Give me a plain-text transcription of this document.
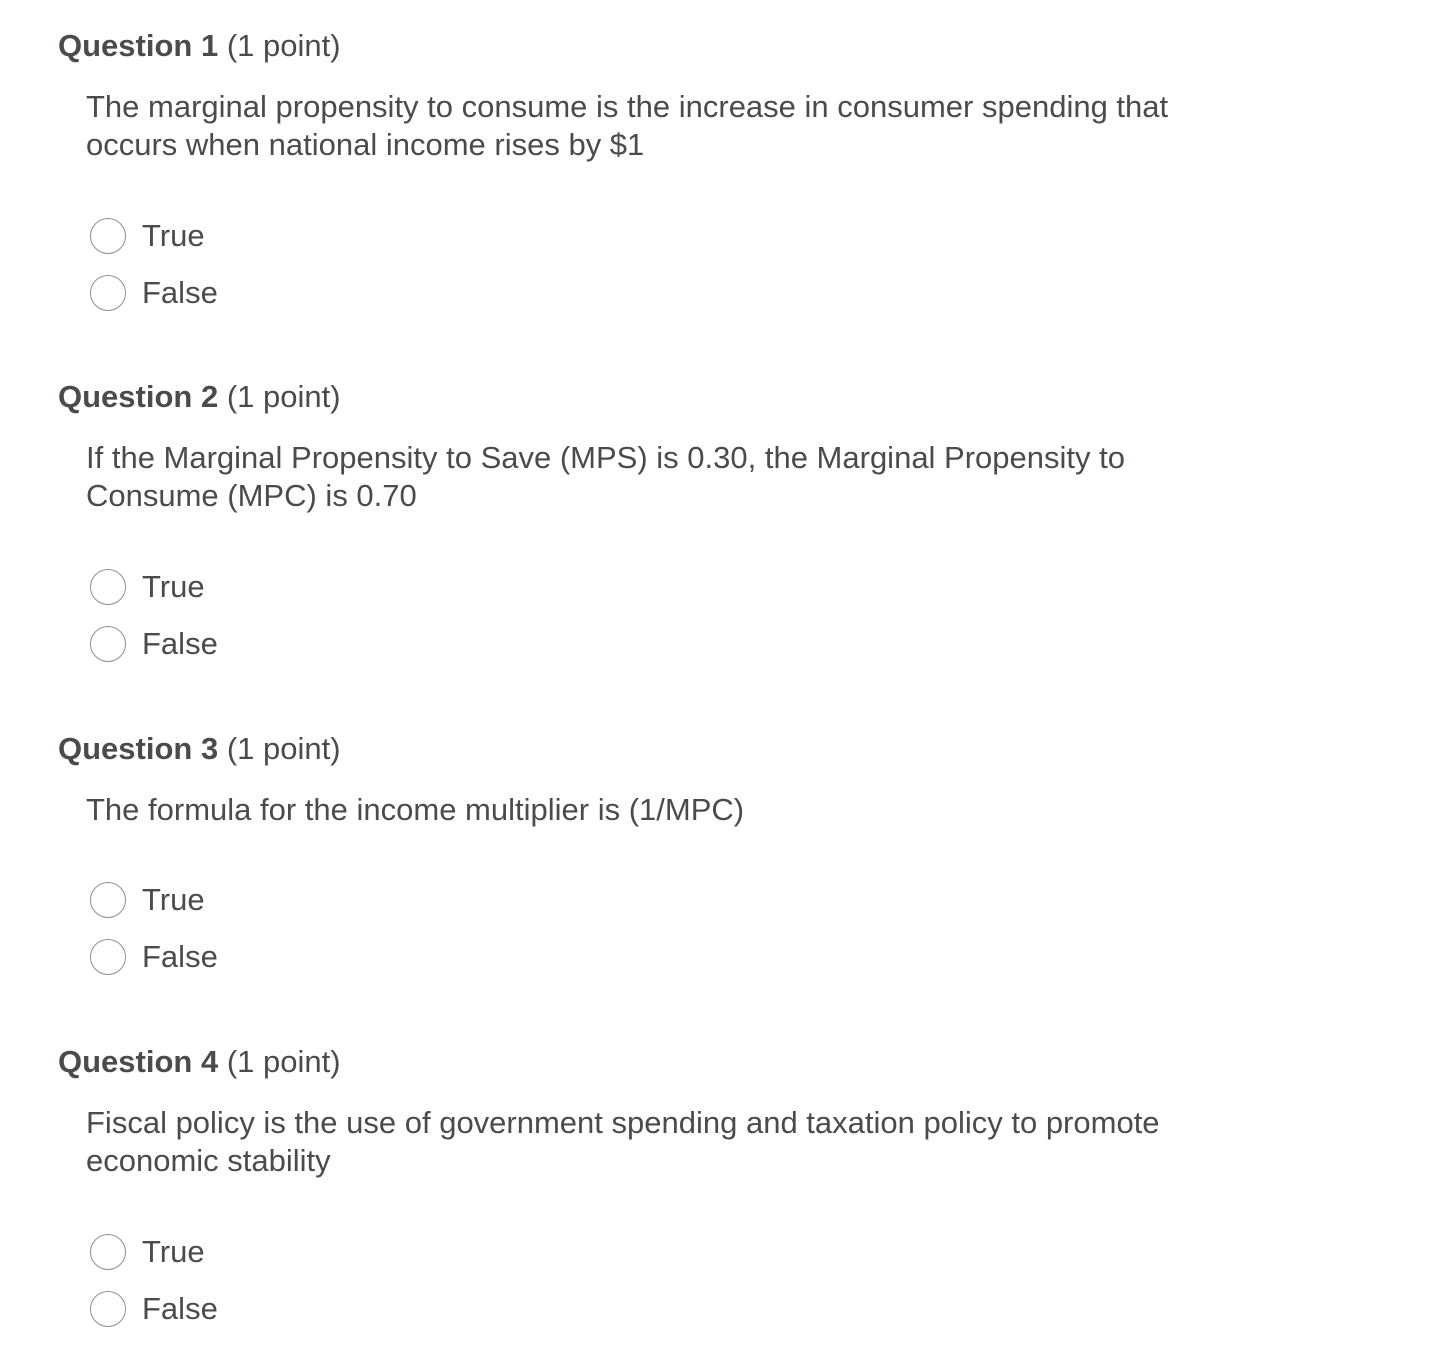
Question 1 (1 point)
The marginal propensity to consume is the increase in consumer spending that occurs when national income rises by $1
True
False
Question 2 (1 point)
If the Marginal Propensity to Save (MPS) is 0.30, the Marginal Propensity to Consume (MPC) is 0.70
True
False
Question 3 (1 point)
The formula for the income multiplier is (1/MPC)
True
False
Question 4 (1 point)
Fiscal policy is the use of government spending and taxation policy to promote economic stability
True
False
